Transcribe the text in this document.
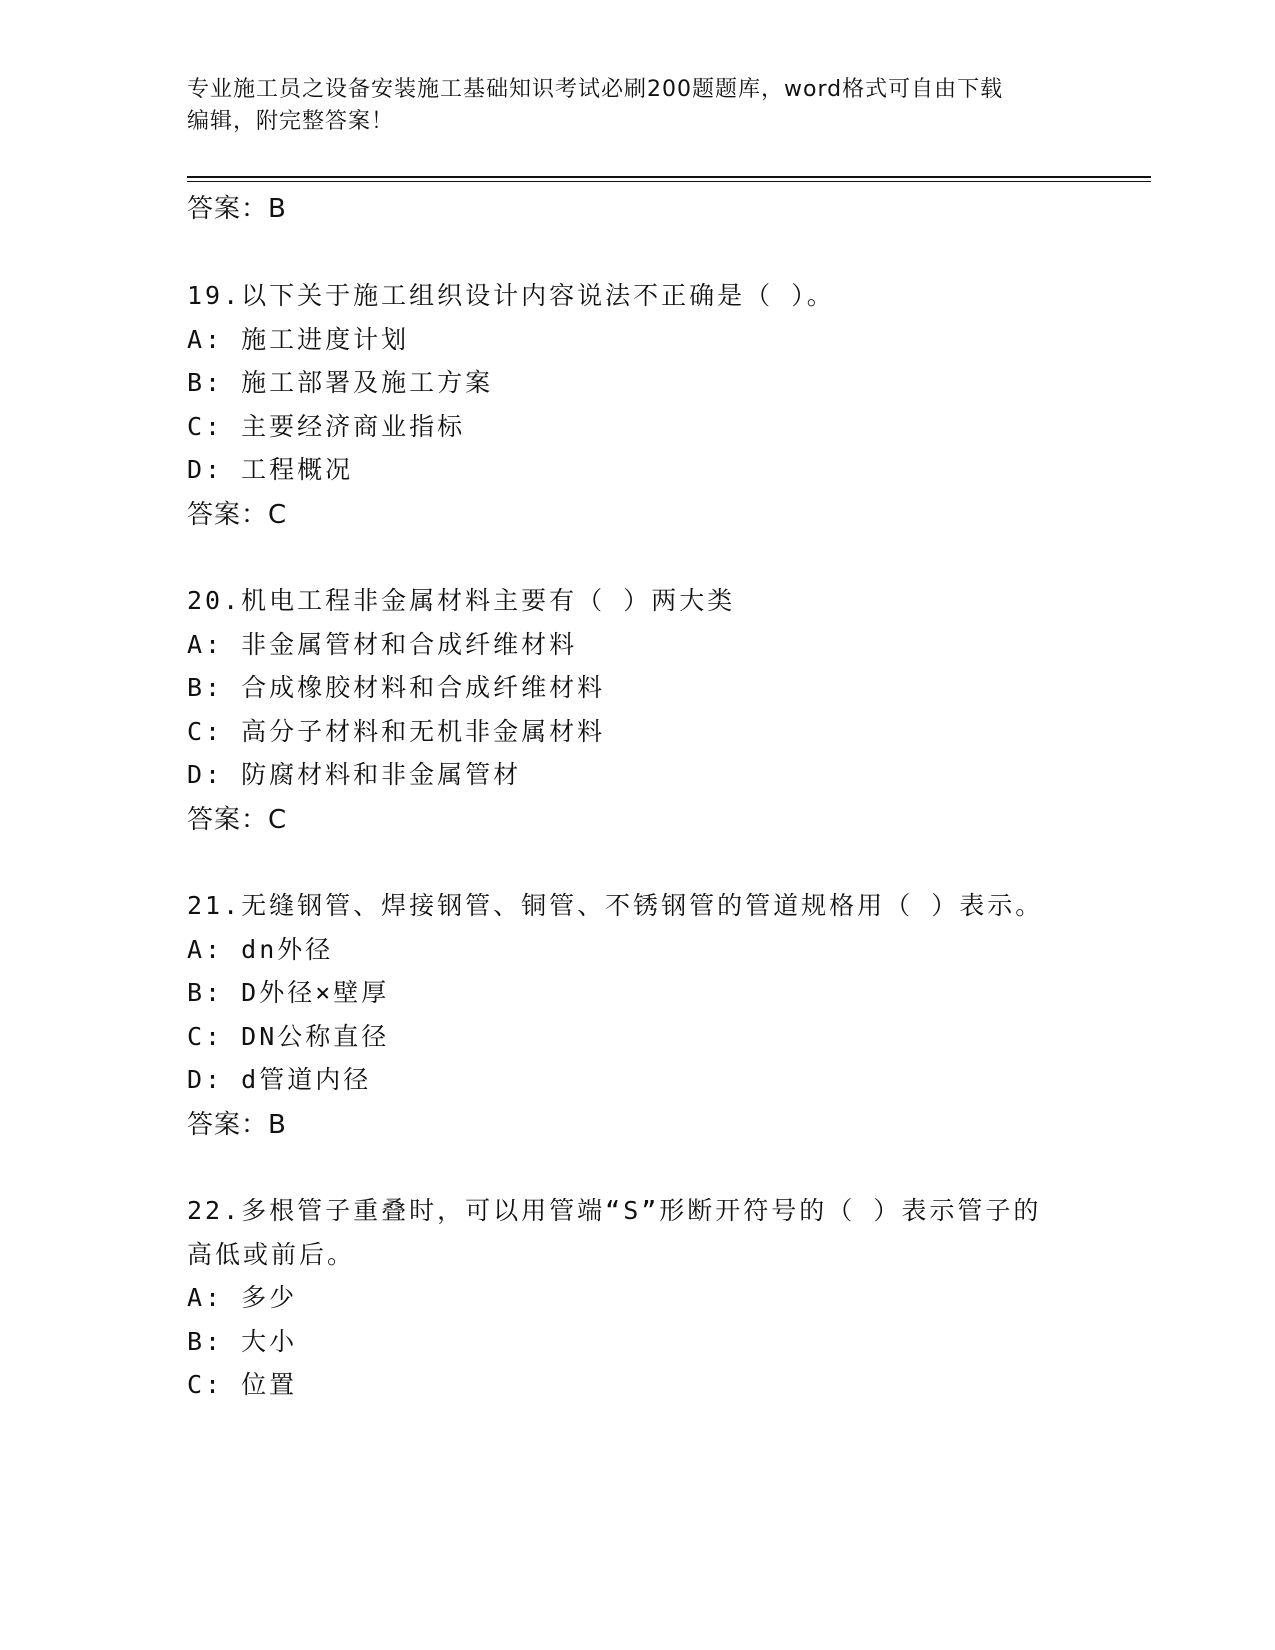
专业施工员之设备安装施工基础知识考试必刷200题题库，word格式可自由下载
编辑，附完整答案！
答案：B
19.以下关于施工组织设计内容说法不正确是（ ）。
A: 施工进度计划
B: 施工部署及施工方案
C: 主要经济商业指标
D: 工程概况
答案：C
20.机电工程非金属材料主要有（ ）两大类
A: 非金属管材和合成纤维材料
B: 合成橡胶材料和合成纤维材料
C: 高分子材料和无机非金属材料
D: 防腐材料和非金属管材
答案：C
21.无缝钢管、焊接钢管、铜管、不锈钢管的管道规格用（ ）表示。
A: dn外径
B: D外径×壁厚
C: DN公称直径
D: d管道内径
答案：B
22.多根管子重叠时，可以用管端“S”形断开符号的（ ）表示管子的
高低或前后。
A: 多少
B: 大小
C: 位置
